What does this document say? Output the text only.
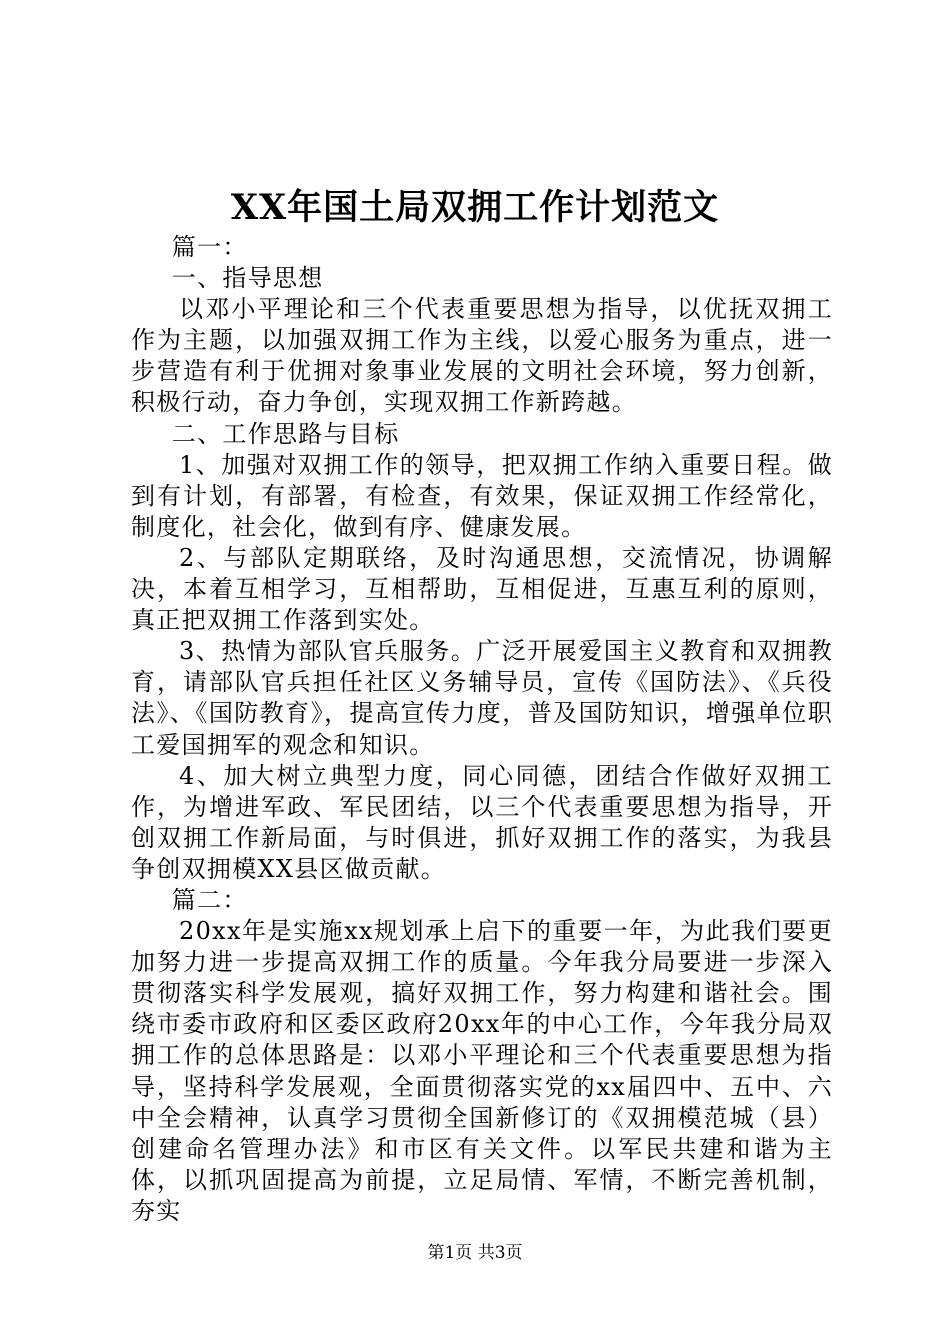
XX年国土局双拥工作计划范文

篇一：

一、指导思想

以邓小平理论和三个代表重要思想为指导，以优抚双拥工作为主题，以加强双拥工作为主线，以爱心服务为重点，进一步营造有利于优拥对象事业发展的文明社会环境，努力创新，积极行动，奋力争创，实现双拥工作新跨越。

二、工作思路与目标

1、加强对双拥工作的领导，把双拥工作纳入重要日程。做到有计划，有部署，有检查，有效果，保证双拥工作经常化，制度化，社会化，做到有序、健康发展。

2、与部队定期联络，及时沟通思想，交流情况，协调解决，本着互相学习，互相帮助，互相促进，互惠互利的原则，真正把双拥工作落到实处。

3、热情为部队官兵服务。广泛开展爱国主义教育和双拥教育，请部队官兵担任社区义务辅导员，宣传《国防法》、《兵役法》、《国防教育》，提高宣传力度，普及国防知识，增强单位职工爱国拥军的观念和知识。

4、加大树立典型力度，同心同德，团结合作做好双拥工作，为增进军政、军民团结，以三个代表重要思想为指导，开创双拥工作新局面，与时俱进，抓好双拥工作的落实，为我县争创双拥模XX县区做贡献。

篇二：

20xx年是实施xx规划承上启下的重要一年，为此我们要更加努力进一步提高双拥工作的质量。今年我分局要进一步深入贯彻落实科学发展观，搞好双拥工作，努力构建和谐社会。围绕市委市政府和区委区政府20xx年的中心工作，今年我分局双拥工作的总体思路是：以邓小平理论和三个代表重要思想为指导，坚持科学发展观，全面贯彻落实党的xx届四中、五中、六中全会精神，认真学习贯彻全国新修订的《双拥模范城（县）创建命名管理办法》和市区有关文件。以军民共建和谐为主体，以抓巩固提高为前提，立足局情、军情，不断完善机制，夯实

第1页 共3页
